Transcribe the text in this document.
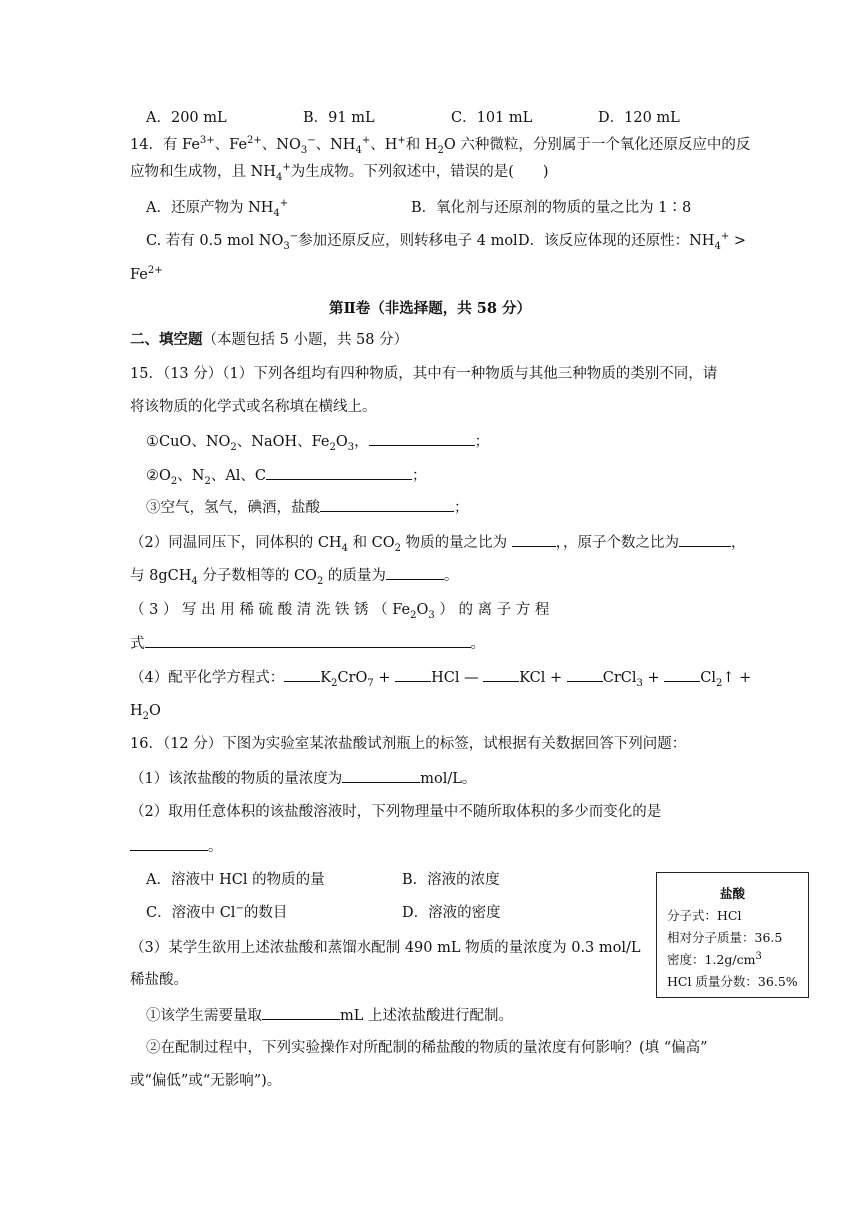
A．200 mL	B．91 mL	C．101 mL	D．120 mL
14．有 $Fe^{3+}$、$Fe^{2+}$、$NO_3^-$、$NH_4^+$、H+和 $H_2O$ 六种微粒，分别属于一个氧化还原反应中的反
应物和生成物，且 $NH_4^+$为生成物。下列叙述中，错误的是(　　)
A．还原产物为 $NH_4^+$	B．氧化剂与还原剂的物质的量之比为 1∶8
C. 若有 0.5 mol $NO_3^-$参加还原反应，则转移电子 4 mol D．该反应体现的还原性：$NH_4^+$ >
$Fe^{2+}$
第Ⅱ卷（非选择题，共 58 分）
二、填空题（本题包括 5 小题，共 58 分）
15．（13 分）（1）下列各组均有四种物质，其中有一种物质与其他三种物质的类别不同，请
将该物质的化学式或名称填在横线上。
①CuO、$NO_2$、NaOH、$Fe_2O_3$，	；
$②O_2$、$N_2$、Al、C	；
③空气，氢气，碘酒，盐酸	；
（2）同温同压下，同体积的 $CH_4$ 和 $CO_2$ 物质的量之比为	，，原子个数之比为	，
与 8gCH$_4$ 分子数相等的 $CO_2$ 的质量为	。
（ 3 ） 写 出 用 稀 硫 酸 清 洗 铁 锈 （ $Fe_2O_3$ ） 的 离 子 方 程
式	。
（4）配平化学方程式： $K_2CrO_7$ + HCl —	KCl +	CrCl$_3$ + $Cl_2↑$ +
$H_2O$
16．（12 分）下图为实验室某浓盐酸试剂瓶上的标签，试根据有关数据回答下列问题：
（1）该浓盐酸的物质的量浓度为	mol/L。
（2）取用任意体积的该盐酸溶液时，下列物理量中不随所取体积的多少而变化的是
。
A．溶液中 HCl 的物质的量	B．溶液的浓度
C．溶液中 Cl−的数目	D．溶液的密度
（3）某学生欲用上述浓盐酸和蒸馏水配制 490 mL 物质的量浓度为 0.3 mol/L
稀盐酸。
①该学生需要量取	mL 上述浓盐酸进行配制。
②在配制过程中，下列实验操作对所配制的稀盐酸的物质的量浓度有何影响？(填 “偏高”
或“偏低”或“无影响”)。
盐酸
分子式：HCl
相对分子质量：36.5
密度：$1.2g/cm^3$
HCl 质量分数：36.5%
